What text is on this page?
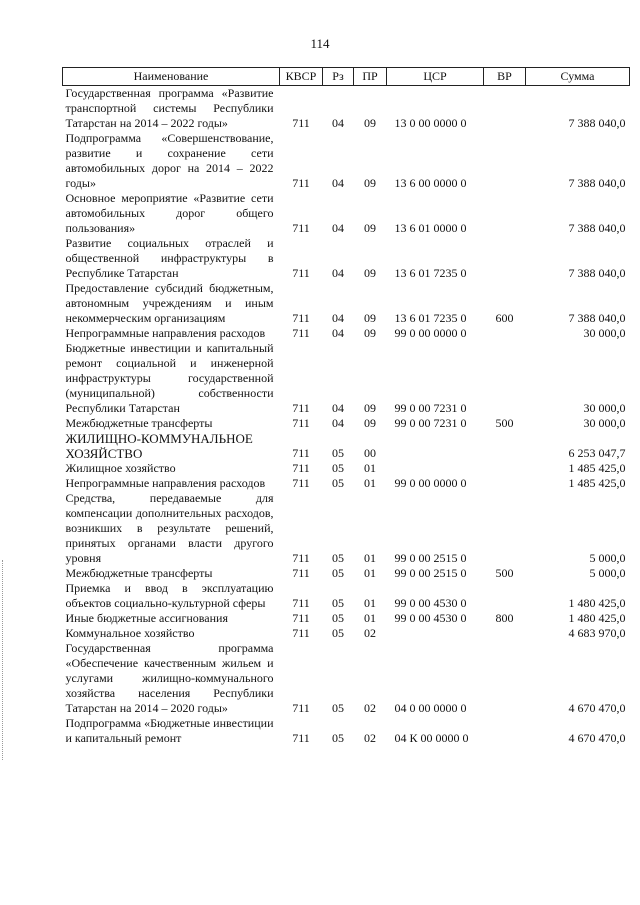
114
Наименование	КВСР	Рз	ПР	ЦСР	ВР	Сумма
Государственная программа «Развитие транспортной системы Республики Татарстан на 2014 – 2022 годы»	711	04	09	13 0 00 0000 0		7 388 040,0
Подпрограмма «Совершенствование, развитие и сохранение сети автомобильных дорог на 2014 – 2022 годы»	711	04	09	13 6 00 0000 0		7 388 040,0
Основное мероприятие «Развитие сети автомобильных дорог общего пользования»	711	04	09	13 6 01 0000 0		7 388 040,0
Развитие социальных отраслей и общественной инфраструктуры в Республике Татарстан	711	04	09	13 6 01 7235 0		7 388 040,0
Предоставление субсидий бюджетным, автономным учреждениям и иным некоммерческим организациям	711	04	09	13 6 01 7235 0	600	7 388 040,0
Непрограммные направления расходов	711	04	09	99 0 00 0000 0		30 000,0
Бюджетные инвестиции и капитальный ремонт социальной и инженерной инфраструктуры государственной (муниципальной) собственности Республики Татарстан	711	04	09	99 0 00 7231 0		30 000,0
Межбюджетные трансферты	711	04	09	99 0 00 7231 0	500	30 000,0
ЖИЛИЩНО-КОММУНАЛЬНОЕ ХОЗЯЙСТВО	711	05	00			6 253 047,7
Жилищное хозяйство	711	05	01			1 485 425,0
Непрограммные направления расходов	711	05	01	99 0 00 0000 0		1 485 425,0
Средства, передаваемые для компенсации дополнительных расходов, возникших в результате решений, принятых органами власти другого уровня	711	05	01	99 0 00 2515 0		5 000,0
Межбюджетные трансферты	711	05	01	99 0 00 2515 0	500	5 000,0
Приемка и ввод в эксплуатацию объектов социально-культурной сферы	711	05	01	99 0 00 4530 0		1 480 425,0
Иные бюджетные ассигнования	711	05	01	99 0 00 4530 0	800	1 480 425,0
Коммунальное хозяйство	711	05	02			4 683 970,0
Государственная программа «Обеспечение качественным жильем и услугами жилищно-коммунального хозяйства населения Республики Татарстан на 2014 – 2020 годы»	711	05	02	04 0 00 0000 0		4 670 470,0
Подпрограмма «Бюджетные инвестиции и капитальный ремонт	711	05	02	04 К 00 0000 0		4 670 470,0
